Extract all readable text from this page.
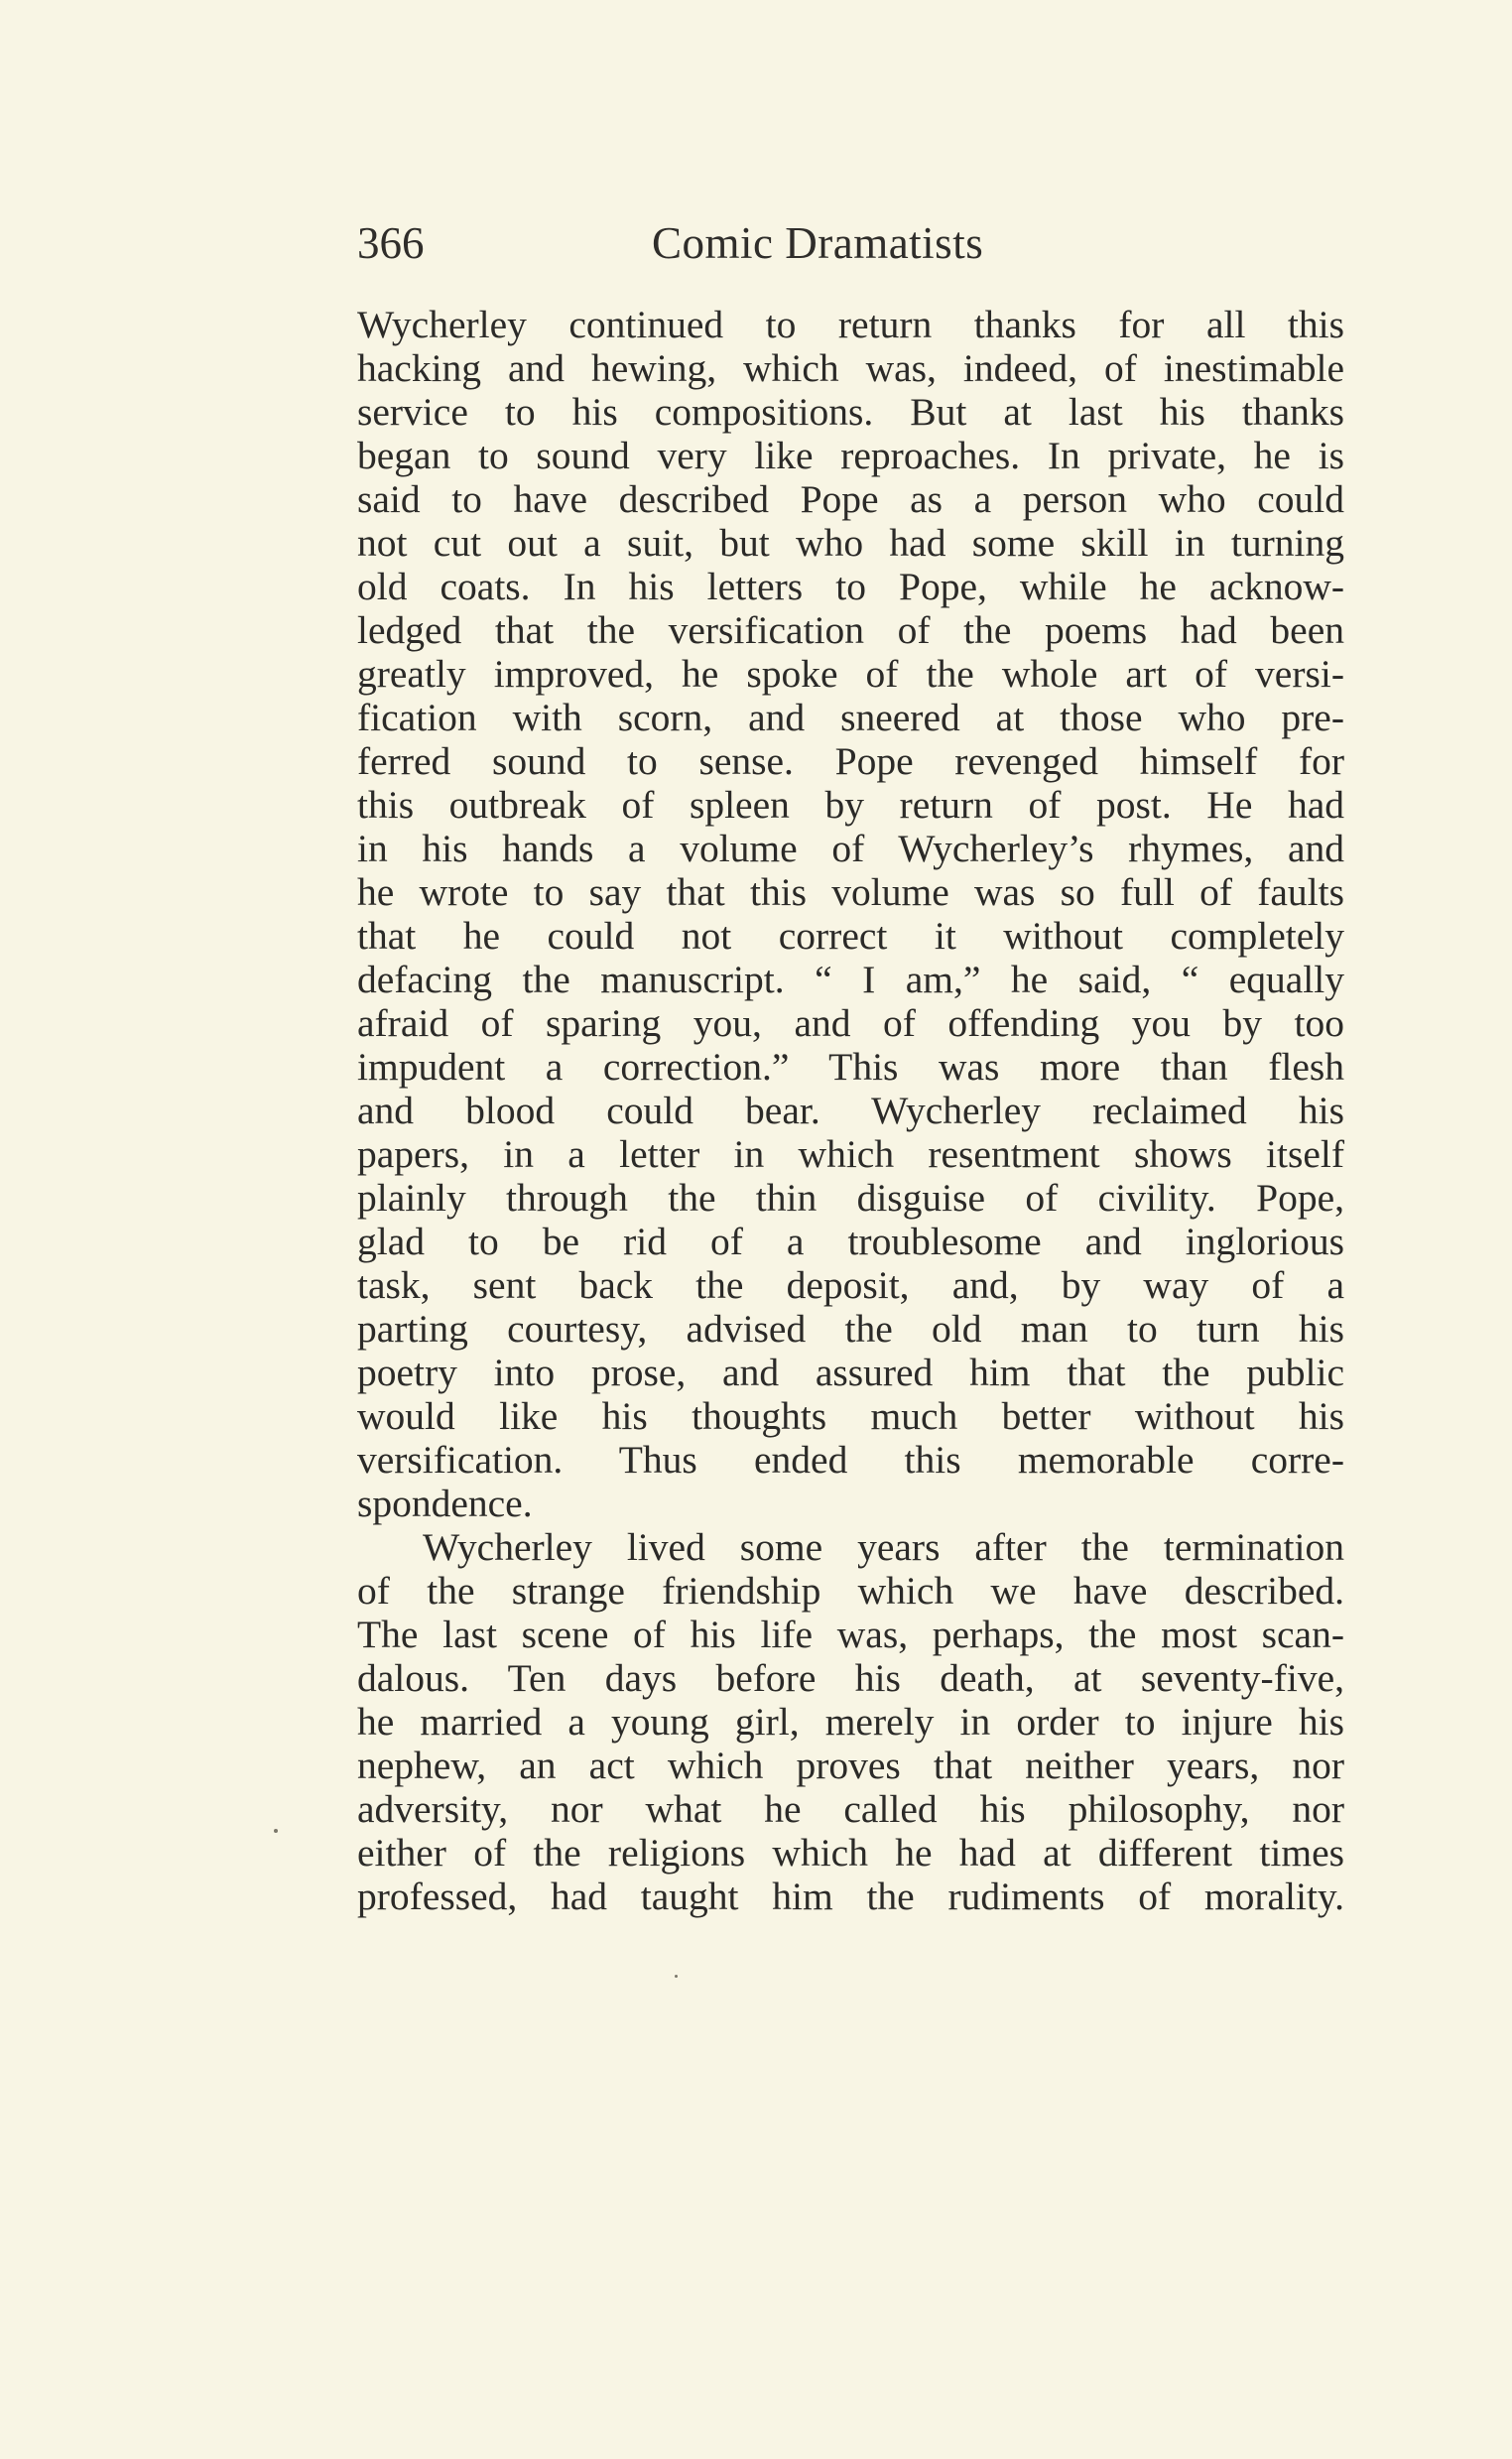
366	Comic Dramatists
Wycherley continued to return thanks for all this
hacking and hewing, which was, indeed, of inestimable
service to his compositions. But at last his thanks
began to sound very like reproaches. In private, he is
said to have described Pope as a person who could
not cut out a suit, but who had some skill in turning
old coats. In his letters to Pope, while he acknow-
ledged that the versification of the poems had been
greatly improved, he spoke of the whole art of versi-
fication with scorn, and sneered at those who pre-
ferred sound to sense. Pope revenged himself for
this outbreak of spleen by return of post. He had
in his hands a volume of Wycherley’s rhymes, and
he wrote to say that this volume was so full of faults
that he could not correct it without completely
defacing the manuscript. “ I am,” he said, “ equally
afraid of sparing you, and of offending you by too
impudent a correction.” This was more than flesh
and blood could bear. Wycherley reclaimed his
papers, in a letter in which resentment shows itself
plainly through the thin disguise of civility. Pope,
glad to be rid of a troublesome and inglorious
task, sent back the deposit, and, by way of a
parting courtesy, advised the old man to turn his
poetry into prose, and assured him that the public
would like his thoughts much better without his
versification. Thus ended this memorable corre-
spondence.
Wycherley lived some years after the termination
of the strange friendship which we have described.
The last scene of his life was, perhaps, the most scan-
dalous. Ten days before his death, at seventy-five,
he married a young girl, merely in order to injure his
nephew, an act which proves that neither years, nor
adversity, nor what he called his philosophy, nor
either of the religions which he had at different times
professed, had taught him the rudiments of morality.
